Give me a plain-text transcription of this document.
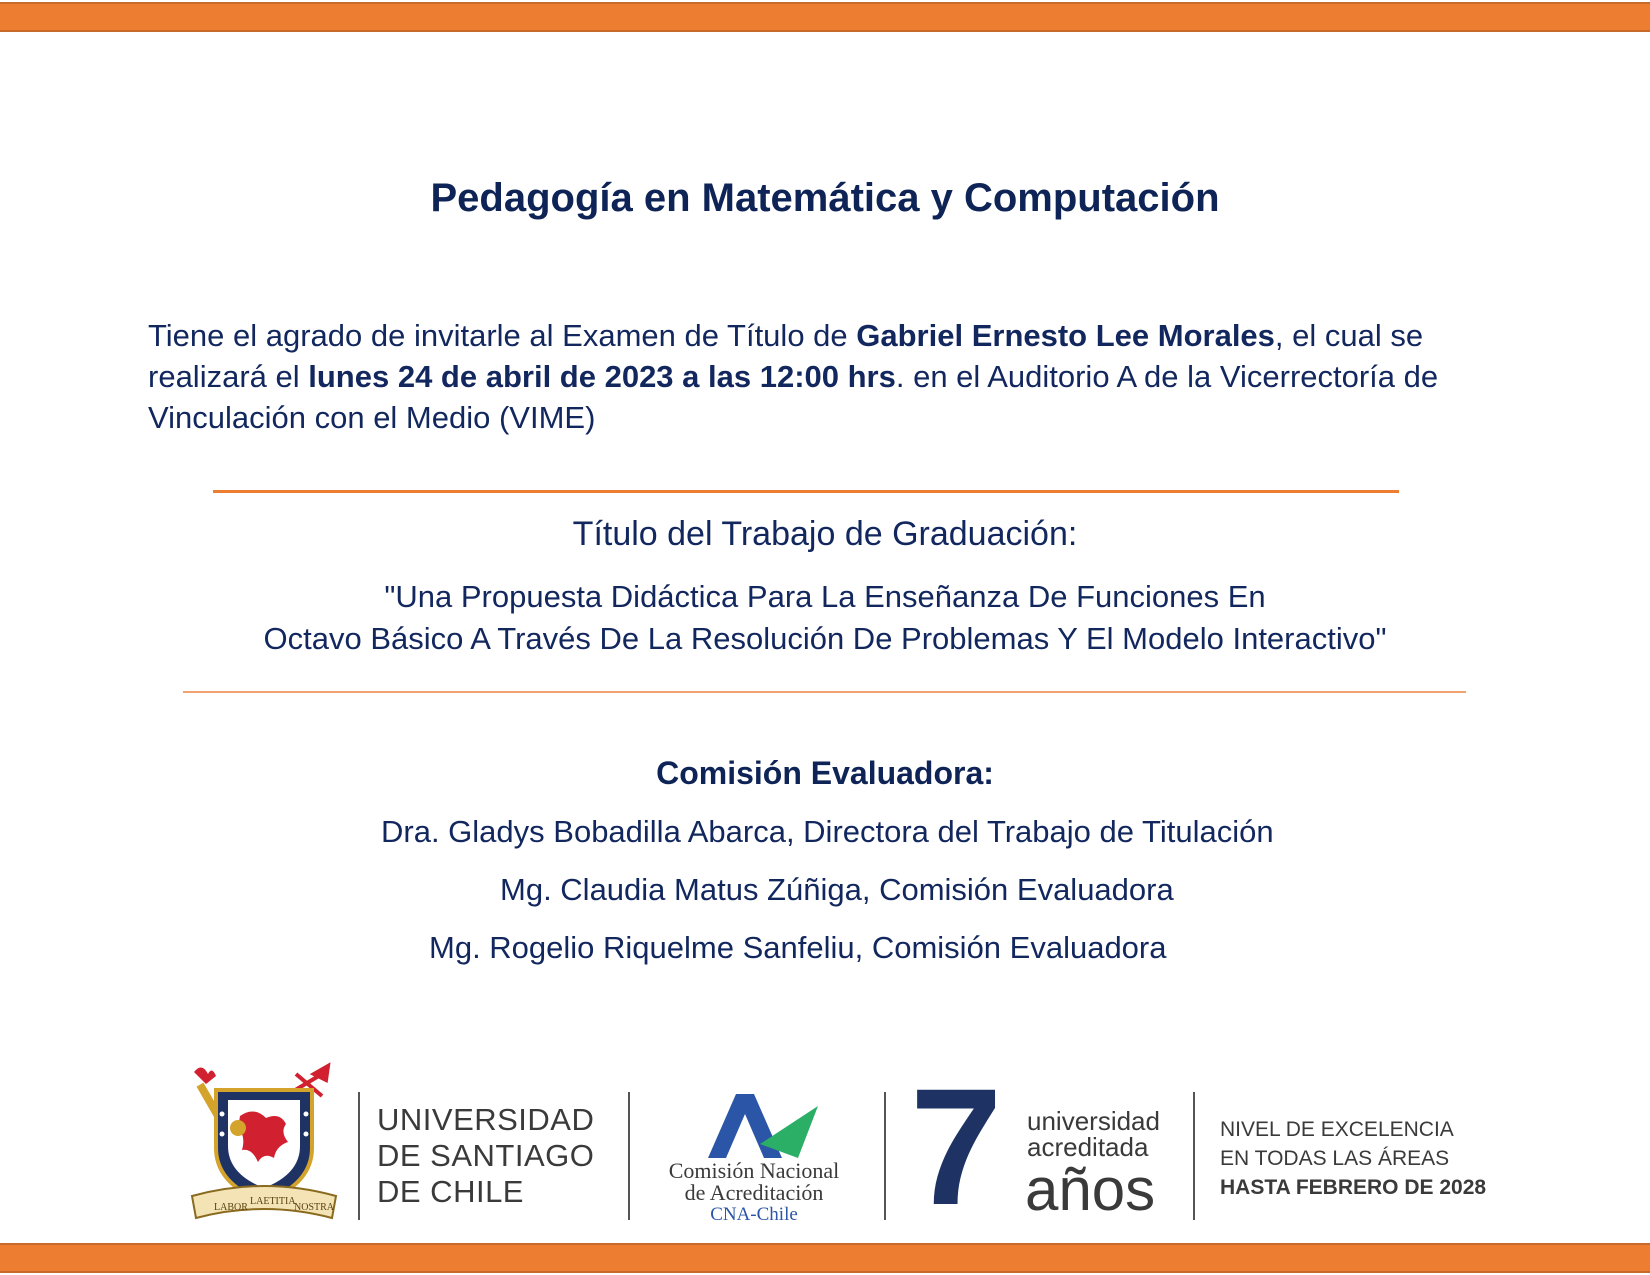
Pedagogía en Matemática y Computación

Tiene el agrado de invitarle al Examen de Título de Gabriel Ernesto Lee Morales, el cual se realizará el lunes 24 de abril de 2023 a las 12:00 hrs. en el Auditorio A de la Vicerrectoría de Vinculación con el Medio (VIME)

Título del Trabajo de Graduación:

"Una Propuesta Didáctica Para La Enseñanza De Funciones En
Octavo Básico A Través De La Resolución De Problemas Y El Modelo Interactivo"

Comisión Evaluadora:
Dra. Gladys Bobadilla Abarca, Directora del Trabajo de Titulación
Mg. Claudia Matus Zúñiga, Comisión Evaluadora
Mg. Rogelio Riquelme Sanfeliu, Comisión Evaluadora
LABOR
LAETITIA
NOSTRA
UNIVERSIDAD
DE SANTIAGO
DE CHILE
Comisión Nacional
de Acreditación
CNA-Chile 7 universidad
acreditada
años
NIVEL DE EXCELENCIA
EN TODAS LAS ÁREAS
HASTA FEBRERO DE 2028
